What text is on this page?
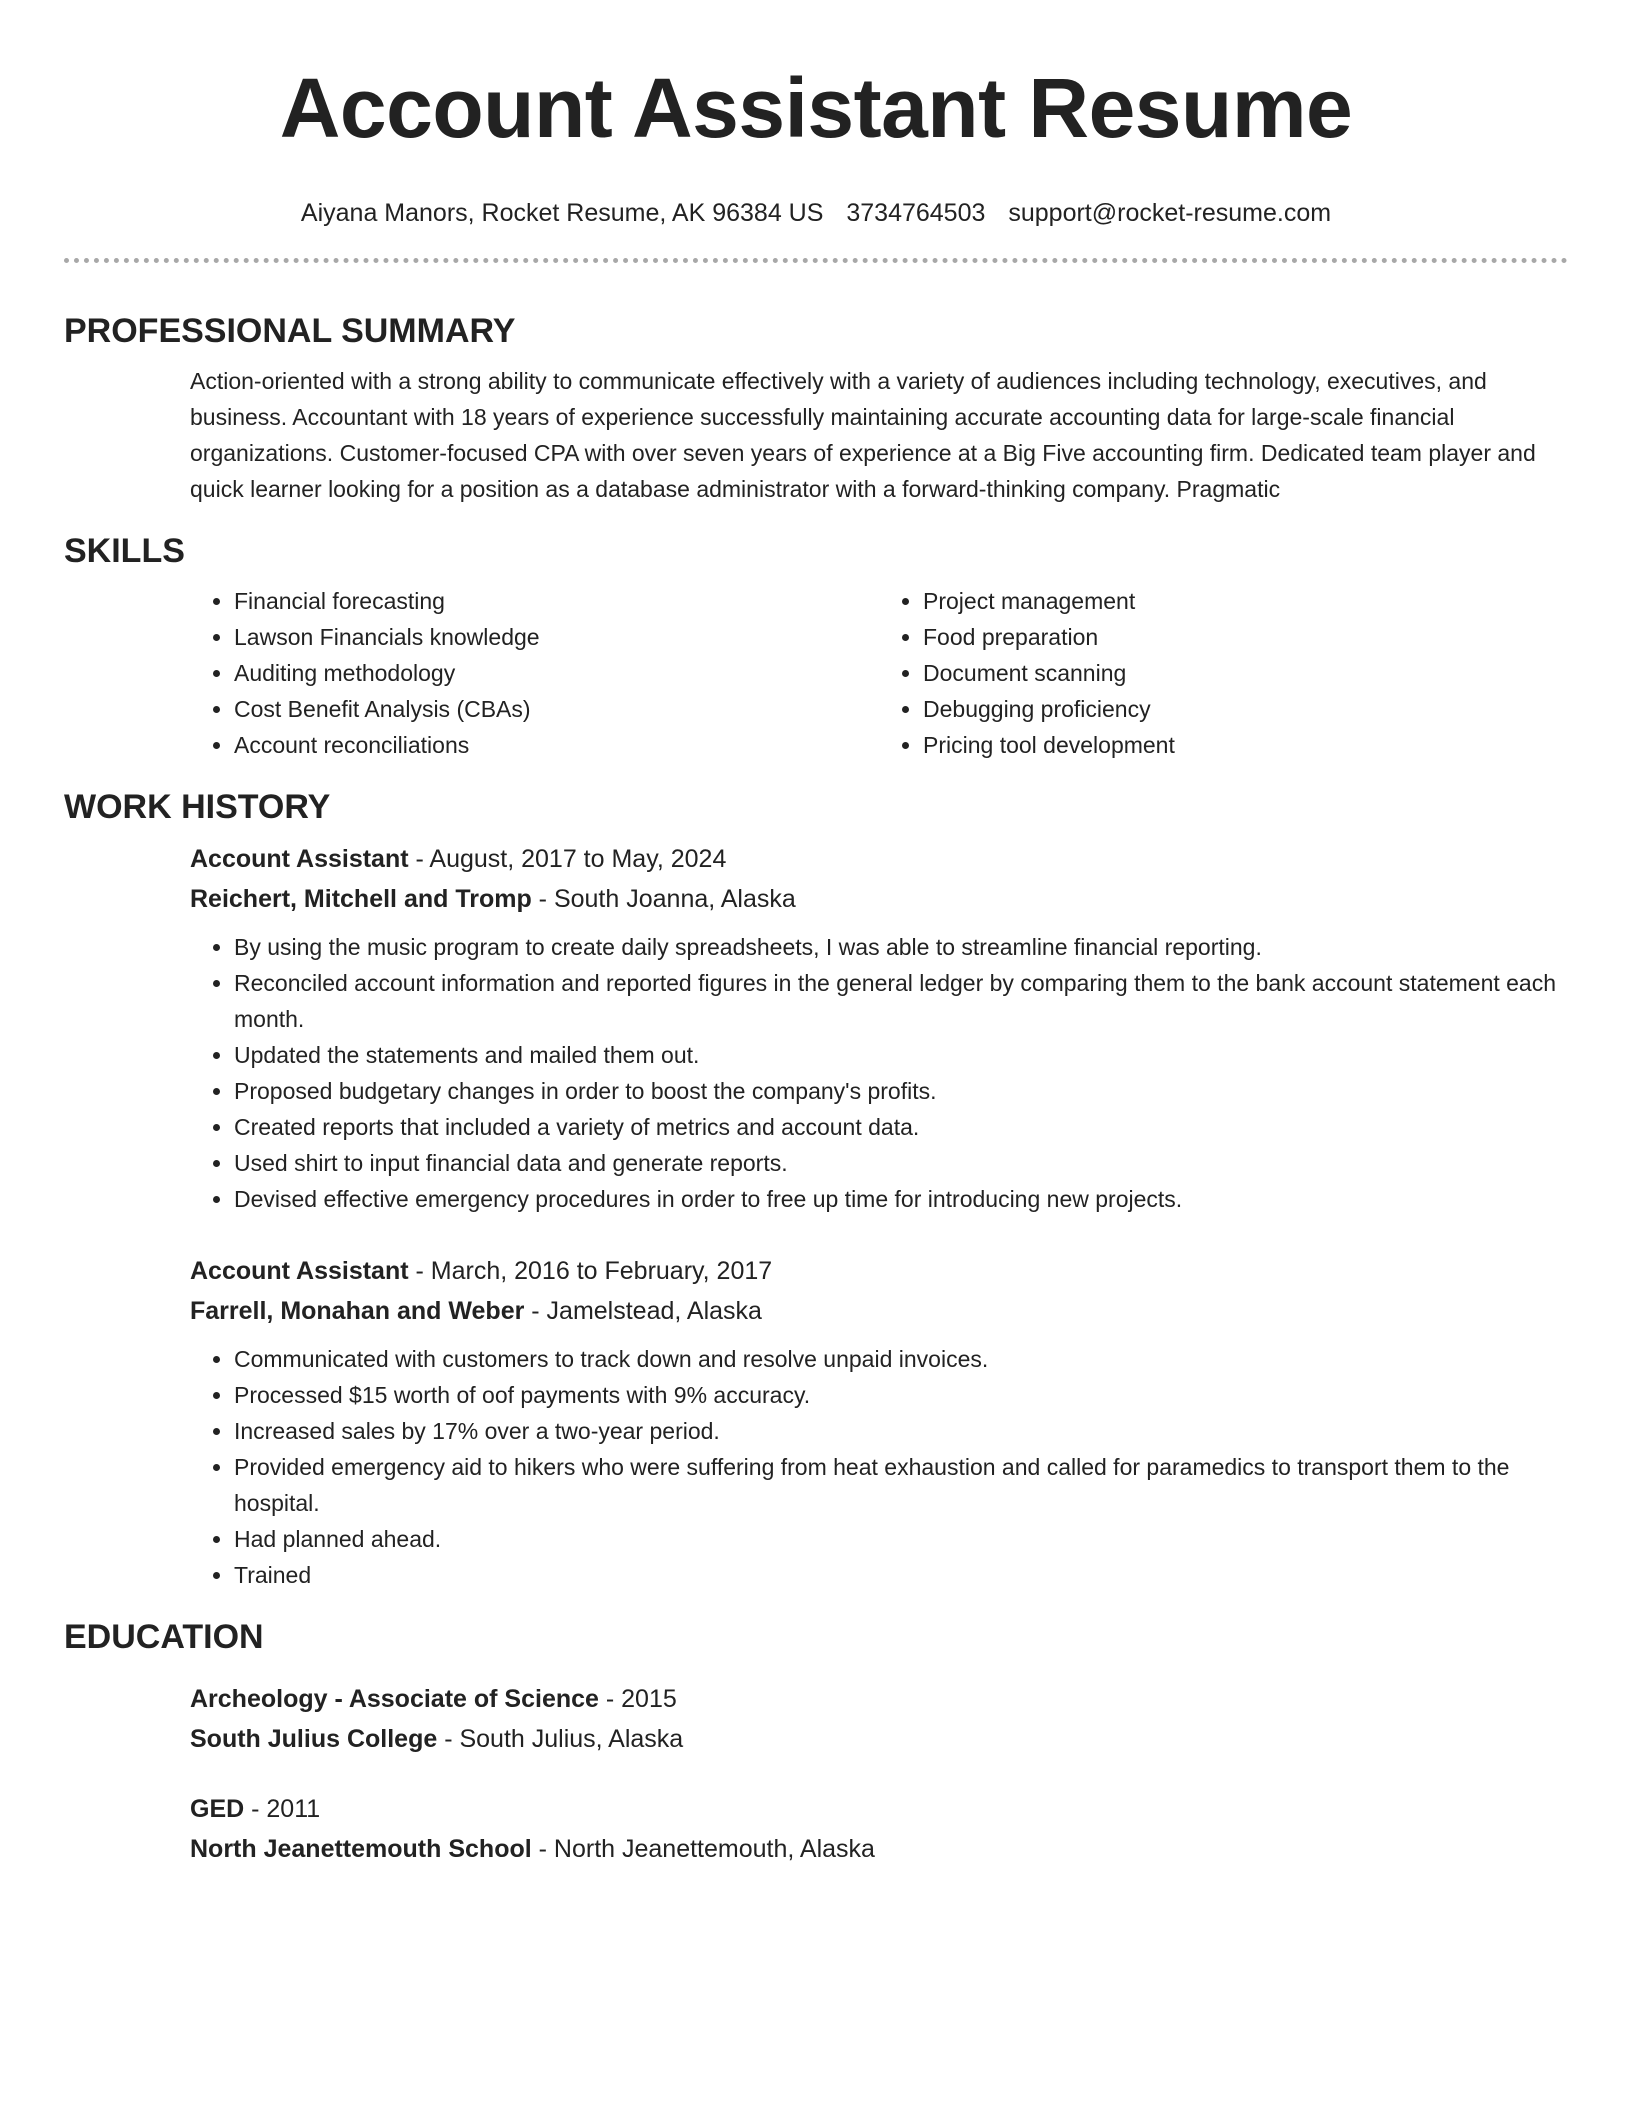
Account Assistant Resume
Aiyana Manors, Rocket Resume, AK 96384 US 3734764503 support@rocket-resume.com
PROFESSIONAL SUMMARY

Action-oriented with a strong ability to communicate effectively with a variety of audiences including technology, executives, and business. Accountant with 18 years of experience successfully maintaining accurate accounting data for large-scale financial organizations. Customer-focused CPA with over seven years of experience at a Big Five accounting firm. Dedicated team player and quick learner looking for a position as a database administrator with a forward-thinking company. Pragmatic

SKILLS
• Financial forecasting
• Lawson Financials knowledge
• Auditing methodology
• Cost Benefit Analysis (CBAs)
• Account reconciliations
• Project management
• Food preparation
• Document scanning
• Debugging proficiency
• Pricing tool development
WORK HISTORY
Account Assistant - August, 2017 to May, 2024
Reichert, Mitchell and Tromp - South Joanna, Alaska
• By using the music program to create daily spreadsheets, I was able to streamline financial reporting.
• Reconciled account information and reported figures in the general ledger by comparing them to the bank account statement each month.
• Updated the statements and mailed them out.
• Proposed budgetary changes in order to boost the company's profits.
• Created reports that included a variety of metrics and account data.
• Used shirt to input financial data and generate reports.
• Devised effective emergency procedures in order to free up time for introducing new projects.
Account Assistant - March, 2016 to February, 2017
Farrell, Monahan and Weber - Jamelstead, Alaska
• Communicated with customers to track down and resolve unpaid invoices.
• Processed $15 worth of oof payments with 9% accuracy.
• Increased sales by 17% over a two-year period.
• Provided emergency aid to hikers who were suffering from heat exhaustion and called for paramedics to transport them to the hospital.
• Had planned ahead.
• Trained
EDUCATION
Archeology - Associate of Science - 2015
South Julius College - South Julius, Alaska
GED - 2011
North Jeanettemouth School - North Jeanettemouth, Alaska
